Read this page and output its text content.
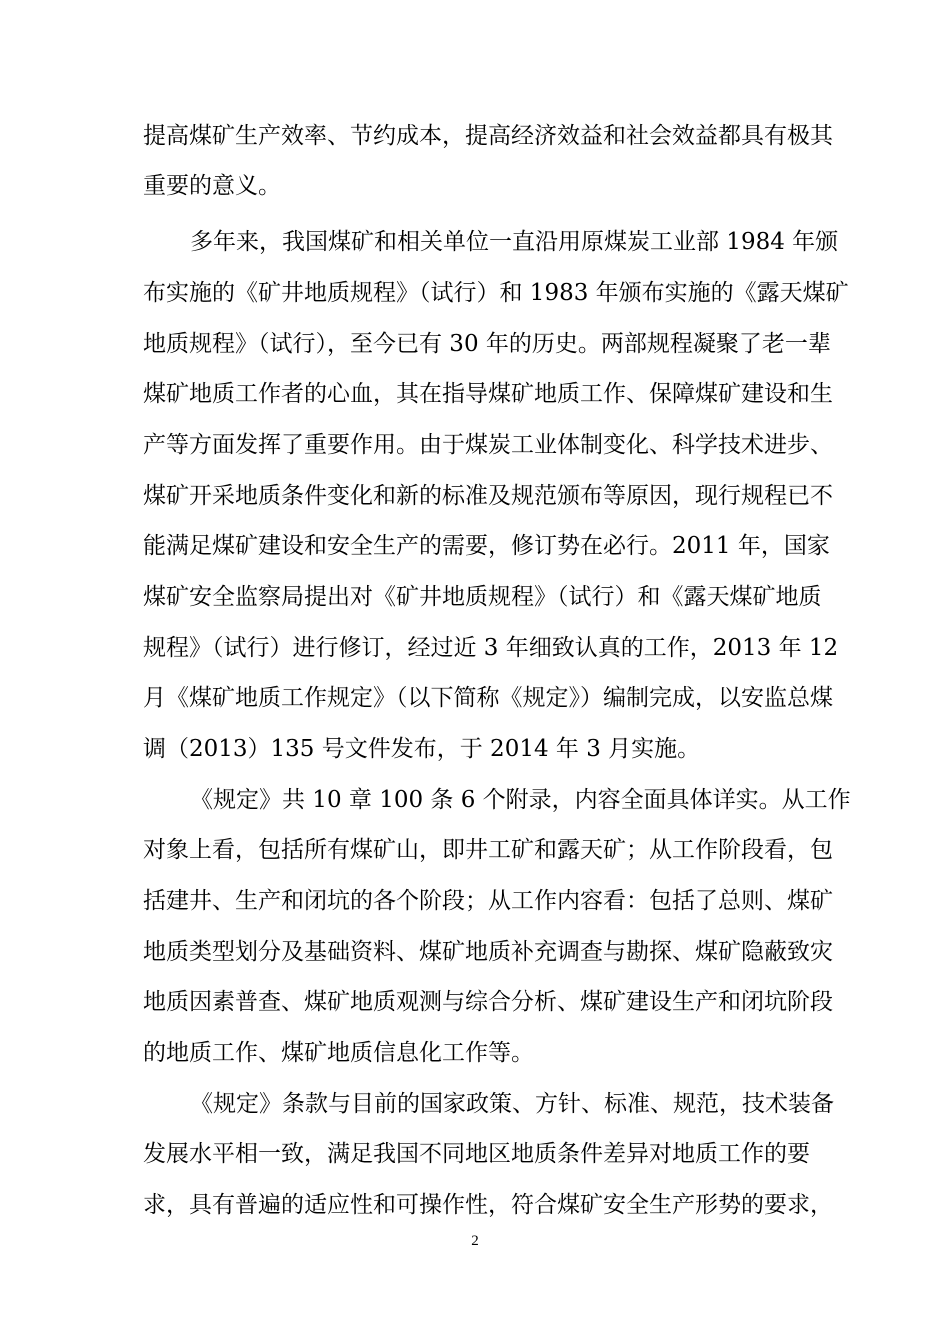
提高煤矿生产效率、节约成本，提高经济效益和社会效益都具有极其
重要的意义。
多年来，我国煤矿和相关单位一直沿用原煤炭工业部 1984 年颁
布实施的《矿井地质规程》（试行）和 1983 年颁布实施的《露天煤矿
地质规程》（试行），至今已有 30 年的历史。两部规程凝聚了老一辈
煤矿地质工作者的心血，其在指导煤矿地质工作、保障煤矿建设和生
产等方面发挥了重要作用。由于煤炭工业体制变化、科学技术进步、
煤矿开采地质条件变化和新的标准及规范颁布等原因，现行规程已不
能满足煤矿建设和安全生产的需要，修订势在必行。2011 年，国家
煤矿安全监察局提出对《矿井地质规程》（试行）和《露天煤矿地质
规程》（试行）进行修订，经过近 3 年细致认真的工作，2013 年 12
月《煤矿地质工作规定》（以下简称《规定》）编制完成，以安监总煤
调（2013）135 号文件发布，于 2014 年 3 月实施。
《规定》共 10 章 100 条 6 个附录，内容全面具体详实。从工作
对象上看，包括所有煤矿山，即井工矿和露天矿；从工作阶段看，包
括建井、生产和闭坑的各个阶段；从工作内容看：包括了总则、煤矿
地质类型划分及基础资料、煤矿地质补充调查与勘探、煤矿隐蔽致灾
地质因素普查、煤矿地质观测与综合分析、煤矿建设生产和闭坑阶段
的地质工作、煤矿地质信息化工作等。
《规定》条款与目前的国家政策、方针、标准、规范，技术装备
发展水平相一致，满足我国不同地区地质条件差异对地质工作的要
求，具有普遍的适应性和可操作性，符合煤矿安全生产形势的要求，
2
